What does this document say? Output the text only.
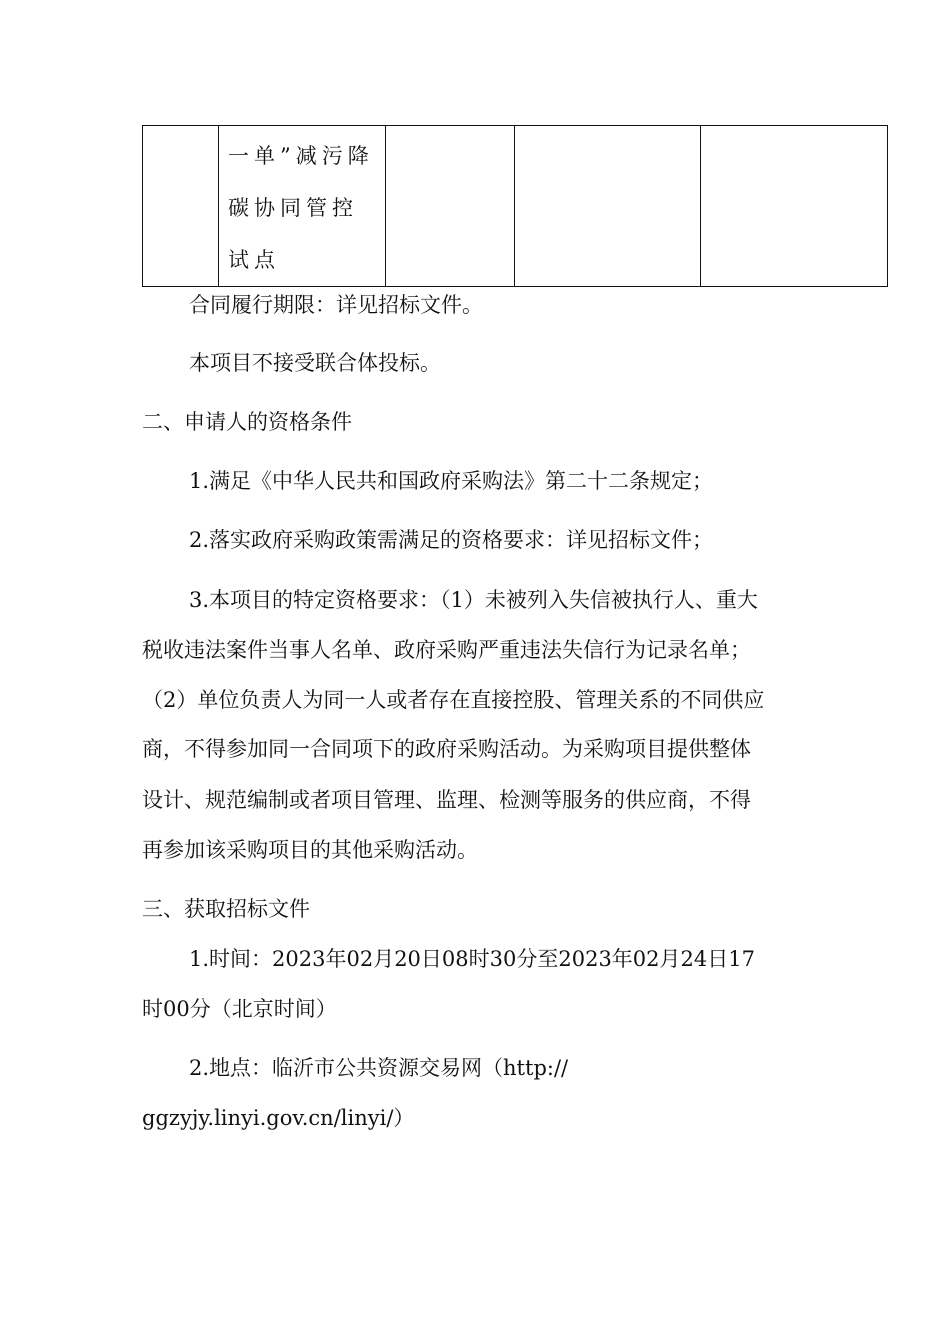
一单”减污降碳协同管控试点

合同履行期限：详见招标文件。
本项目不接受联合体投标。
二、申请人的资格条件
1.满足《中华人民共和国政府采购法》第二十二条规定；
2.落实政府采购政策需满足的资格要求：详见招标文件；
3.本项目的特定资格要求：（1）未被列入失信被执行人、重大
税收违法案件当事人名单、政府采购严重违法失信行为记录名单；
（2）单位负责人为同一人或者存在直接控股、管理关系的不同供应
商，不得参加同一合同项下的政府采购活动。为采购项目提供整体
设计、规范编制或者项目管理、监理、检测等服务的供应商，不得
再参加该采购项目的其他采购活动。
三、获取招标文件
1.时间：2023年02月20日08时30分至2023年02月24日17
时00分（北京时间）
2.地点：临沂市公共资源交易网（http://
ggzyjy.linyi.gov.cn/linyi/）
